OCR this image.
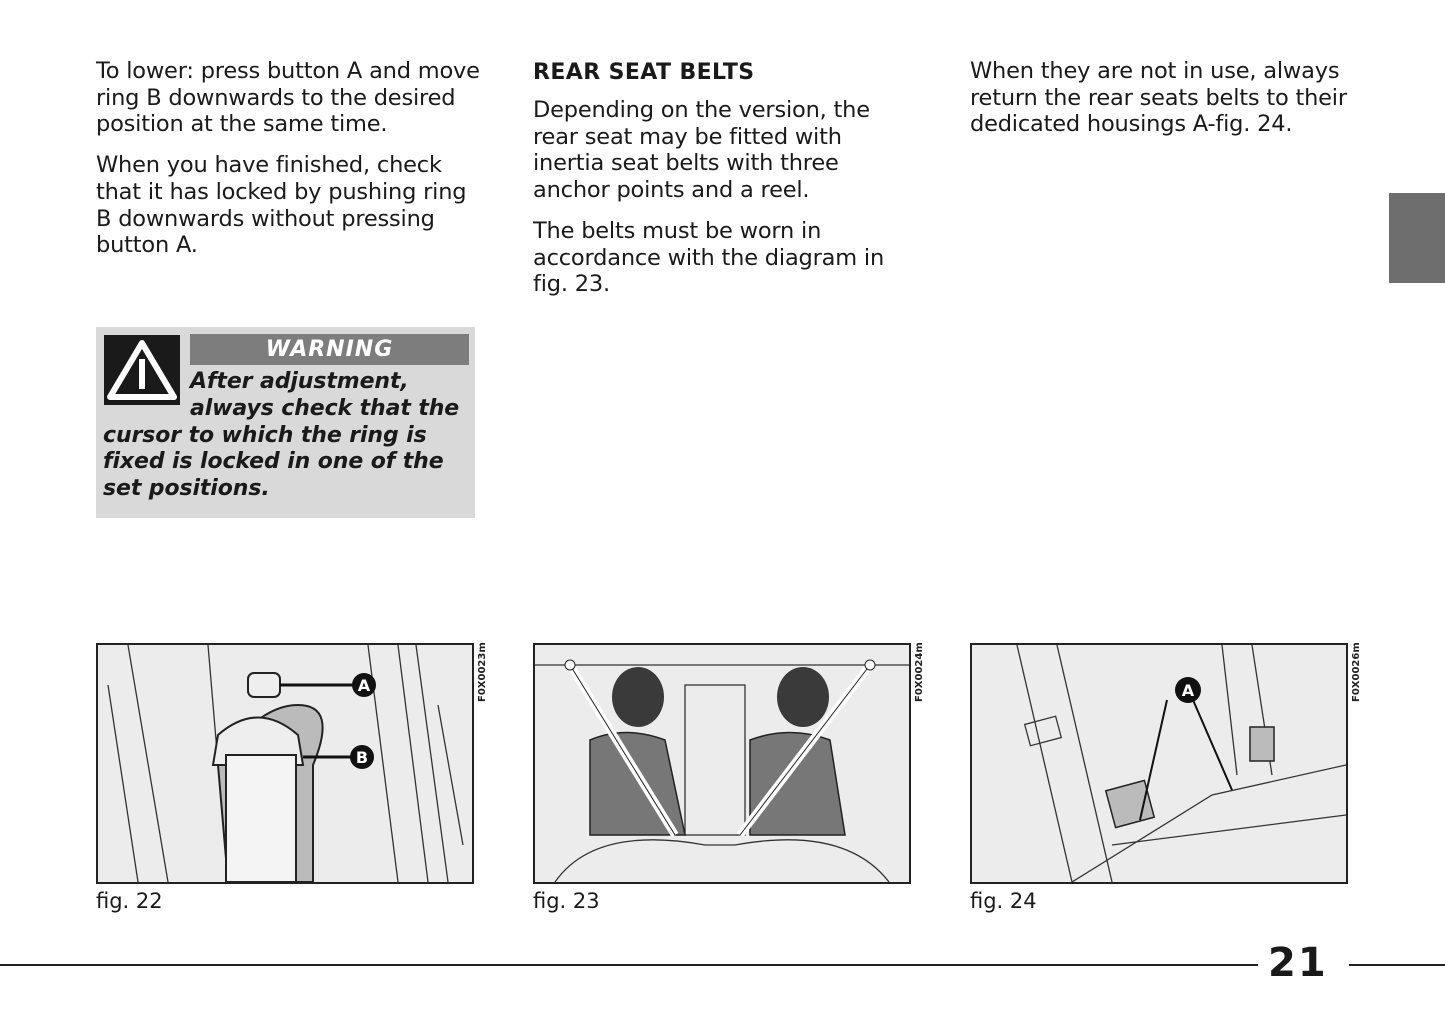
To lower: press button A and move ring B downwards to the desired position at the same time.

When you have finished, check that it has locked by pushing ring B downwards without pressing button A.

REAR SEAT BELTS

Depending on the version, the rear seat may be fitted with inertia seat belts with three anchor points and a reel.

The belts must be worn in accordance with the diagram in fig. 23.

When they are not in use, always return the rear seats belts to their dedicated housings A-fig. 24.

WARNING
After adjustment,
always check that the
cursor to which the ring is fixed is locked in one of the set positions.
A
B
F0X0023m
fig. 22
F0X0024m
fig. 23
A	F0X0026m
fig. 24
21
